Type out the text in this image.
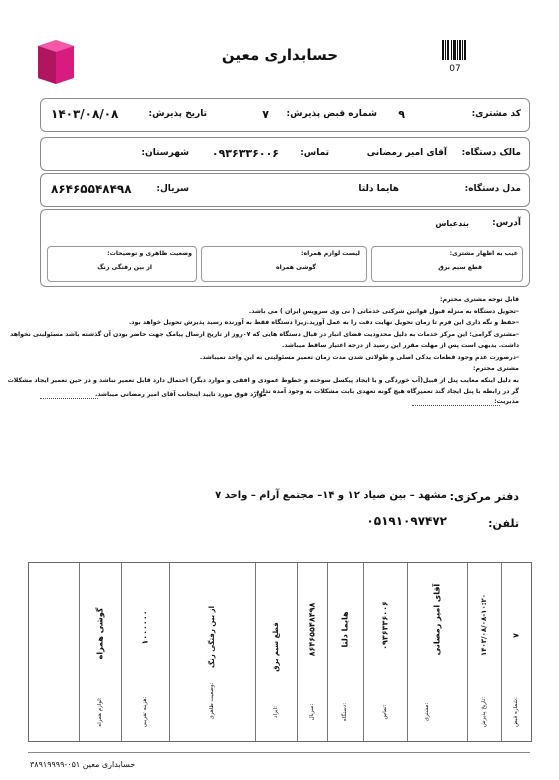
حسابداری معین
07
کد مشتری:
۹
شماره قبض پذیرش:
۷
تاریخ پذیرش:
۱۴۰۳/۰۸/۰۸
مالک دستگاه:
آقای امیر رمضانی
تماس:
۰۹۳۶۳۳۶۰۰۶
شهرستان:
مدل دستگاه:
هایما دلتا
سریال:
۸۶۴۶۵۵۴۸۴۹۸
آدرس:
بندعباس
عیب به اظهار مشتری:
قطع سیم برق
لیست لوازم همراه:
گوشی همراه
وضعیت ظاهری و توضیحات:
از بین رفتگی رنگ
قابل توجه مشتری محترم:
–تحویل دستگاه به منزله قبول قوانین شرکتی خدماتی ( نی وی سرویس ایران ) می باشد.
–حفظ و نگه داری این فرم تا زمان تحویل نهایت دقت را به عمل آورید.زیرا دستگاه فقط به آورنده رسید پذیرش تحویل خواهد بود.
–مشتری گرامی: این مرکز خدمات به دلیل محدودیت فضای انبار در قبال دستگاه هایی که ۰۷روز از تاریخ ارسال پیامک جهت حاضر بودن آن گذشته باشد مسئولیتی نخواهد
داشت. بدیهی است پس از مهلت مقرر این رسید از درجه اعتبار ساقط میباشد.
–درصورت عدم وجود قطعات یدکی اصلی و طولانی شدن مدت زمان تعمیر مسئولیتی به این واحد نمیباشد.
مشتری محترم:
به دلیل اینکه معایب پنل از قبیل(آب خوردگی و یا ایجاد پیکسل سوخته و خطوط عمودی و افقی و موارد دیگر) احتمال دارد قابل تعمیر نباشد و در حین تعمیر ایجاد مشکلات
گر در رابطه با پنل ایجاد گند تعمیرگاه هیچ گونه تعهدی بابت مشکلات به وجود آمده ندارد.
مدیریت:
موارد فوق مورد تایید اینجانب آقای امیر رمضانی میباشد.
دفتر مرکزی:
مشهد – بین صیاد ۱۲ و ۱۴– مجتمع آرام – واحد ۷
تلفن:
۰۵۱۹۱۰۹۷۴۷۲
شماره قبض:
۷
تاریخ پذیرش:
۱۴۰۳/۰۸/۰۸-۱۰:۲۰
مشتری:
آقای امیر رمضانی
تماس:
۰۹۳۶۳۳۶۰۰۶
دستگاه:
هایما دلتا
سریال:
۸۶۴۶۵۵۴۸۴۹۸
ایراد:
قطع سیم برق
وضعیت ظاهری:
از بین رفتگی رنگ
هزینه تقریبی:
۱۰۰۰۰۰۰
لوازم همراه:
گوشی همراه
حسابداری معین ۰۵۱-۳۸۹۱۹۹۹۹
